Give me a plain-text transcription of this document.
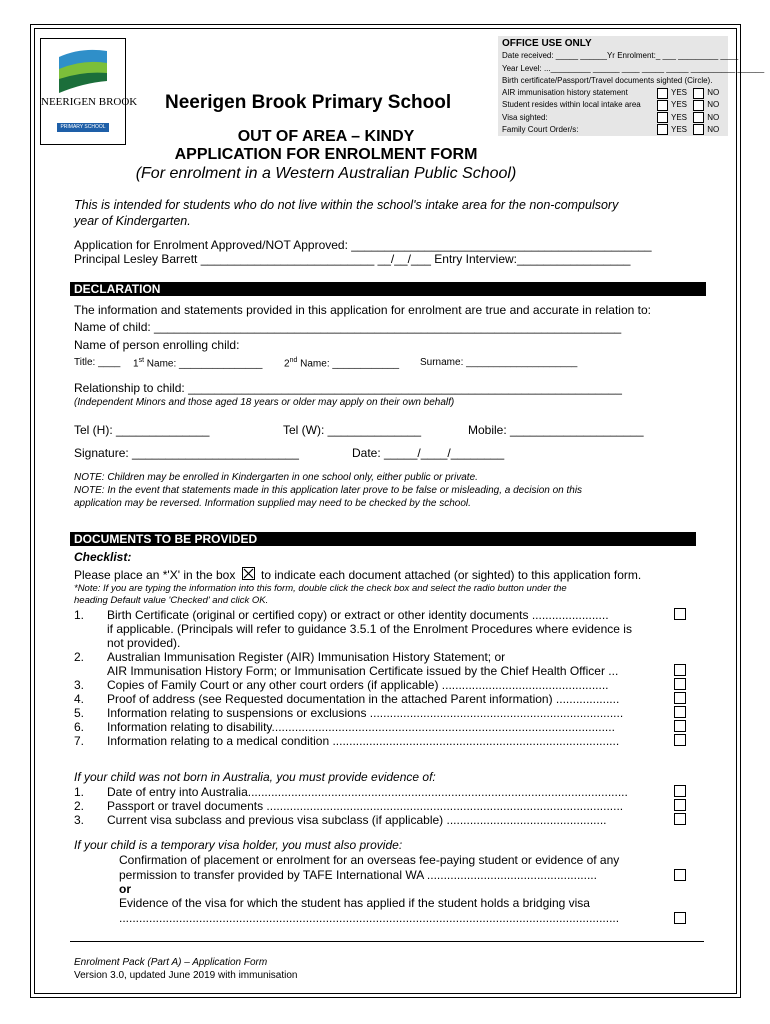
NEERIGEN BROOK
PRIMARY SCHOOL
Neerigen Brook Primary School
OFFICE USE ONLY
Date received: _____ ______Yr Enrolment:_ ___ _________ ____
Year Level: ..._________ ______ ____ _____ _____ __________ ______
Birth certificate/Passport/Travel documents sighted (Circle).
AIR immunisation history statement	YES	NO
Student resides within local intake area	YES	NO
Visa sighted:	YES	NO
Family Court Order/s:	YES	NO
OUT OF AREA – KINDY
APPLICATION FOR ENROLMENT FORM
(For enrolment in a Western Australian Public School)
This is intended for students who do not live within the school's intake area for the non-compulsory
year of Kindergarten.
Application for Enrolment Approved/NOT Approved: _____________________________________________
Principal Lesley Barrett __________________________ __/__/___ Entry Interview:_________________
DECLARATION
The information and statements provided in this application for enrolment are true and accurate in relation to:
Name of child: ______________________________________________________________________
Name of person enrolling child:
Title: ____ 1st Name: _______________ 2nd Name: ____________ Surname: ____________________
Relationship to child: _________________________________________________________________
(Independent Minors and those aged 18 years or older may apply on their own behalf)
Tel (H): ______________	Tel (W): ______________	Mobile: ____________________
Signature: _________________________	Date: _____/____/________
NOTE: Children may be enrolled in Kindergarten in one school only, either public or private.
NOTE: In the event that statements made in this application later prove to be false or misleading, a decision on this
application may be reversed. Information supplied may need to be checked by the school.
DOCUMENTS TO BE PROVIDED
Checklist:
Please place an *'X' in the box to indicate each document attached (or sighted) to this application form.
*Note: If you are typing the information into this form, double click the check box and select the radio button under the
heading Default value 'Checked' and click OK.
1. Birth Certificate (original or certified copy) or extract or other identity documents .......................
if applicable. (Principals will refer to guidance 3.5.1 of the Enrolment Procedures where evidence is
not provided).
2. Australian Immunisation Register (AIR) Immunisation History Statement; or
AIR Immunisation History Form; or Immunisation Certificate issued by the Chief Health Officer ...
3. Copies of Family Court or any other court orders (if applicable) ..................................................
4. Proof of address (see Requested documentation in the attached Parent information) ...................
5. Information relating to suspensions or exclusions ............................................................................
6. Information relating to disability.......................................................................................................
7. Information relating to a medical condition ......................................................................................
If your child was not born in Australia, you must provide evidence of:
1. Date of entry into Australia..................................................................................................................
2. Passport or travel documents ...........................................................................................................
3. Current visa subclass and previous visa subclass (if applicable) ................................................
If your child is a temporary visa holder, you must also provide:
Confirmation of placement or enrolment for an overseas fee-paying student or evidence of any
permission to transfer provided by TAFE International WA ...................................................
or
Evidence of the visa for which the student has applied if the student holds a bridging visa
......................................................................................................................................................
Enrolment Pack (Part A) – Application Form
Version 3.0, updated June 2019 with immunisation
